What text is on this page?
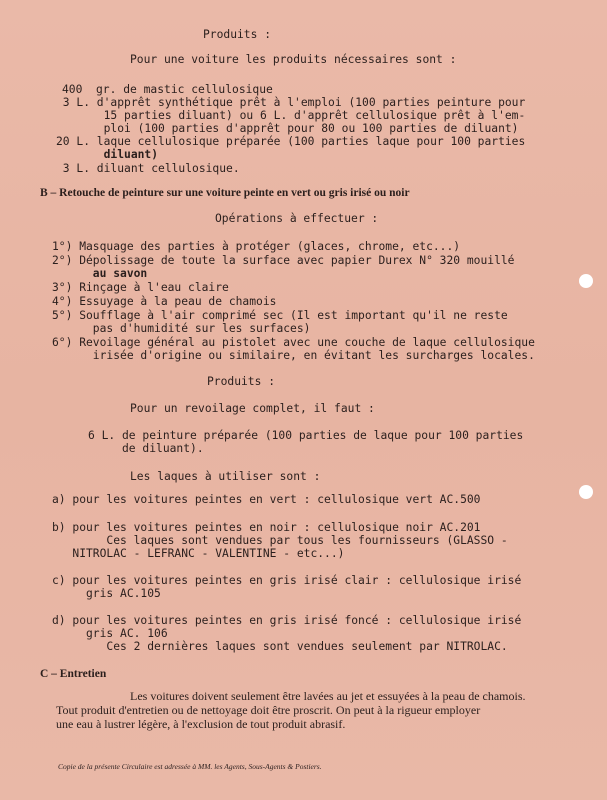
Produits :
Pour une voiture les produits nécessaires sont :
400  gr. de mastic cellulosique
3 L. d'apprêt synthétique prêt à l'emploi (100 parties peinture pour
15 parties diluant) ou 6 L. d'apprêt cellulosique prêt à l'em-
ploi (100 parties d'apprêt pour 80 ou 100 parties de diluant)
20 L. laque cellulosique préparée (100 parties laque pour 100 parties
diluant)
3 L. diluant cellulosique.
B – Retouche de peinture sur une voiture peinte en vert ou gris irisé ou noir
Opérations à effectuer :
1°) Masquage des parties à protéger (glaces, chrome, etc...)
2°) Dépolissage de toute la surface avec papier Durex N° 320 mouillé
au savon
3°) Rinçage à l'eau claire
4°) Essuyage à la peau de chamois
5°) Soufflage à l'air comprimé sec (Il est important qu'il ne reste
pas d'humidité sur les surfaces)
6°) Revoilage général au pistolet avec une couche de laque cellulosique
irisée d'origine ou similaire, en évitant les surcharges locales.
Produits :
Pour un revoilage complet, il faut :
6 L. de peinture préparée (100 parties de laque pour 100 parties
de diluant).
Les laques à utiliser sont :
a) pour les voitures peintes en vert : cellulosique vert AC.500
b) pour les voitures peintes en noir : cellulosique noir AC.201
Ces laques sont vendues par tous les fournisseurs (GLASSO -
NITROLAC - LEFRANC - VALENTINE - etc...)
c) pour les voitures peintes en gris irisé clair : cellulosique irisé
gris AC.105
d) pour les voitures peintes en gris irisé foncé : cellulosique irisé
gris AC. 106
Ces 2 dernières laques sont vendues seulement par NITROLAC.
C – Entretien
Les voitures doivent seulement être lavées au jet et essuyées à la peau de chamois.
Tout produit d'entretien ou de nettoyage doit être proscrit. On peut à la rigueur employer
une eau à lustrer légère, à l'exclusion de tout produit abrasif.
Copie de la présente Circulaire est adressée à MM. les Agents, Sous-Agents & Postiers.
